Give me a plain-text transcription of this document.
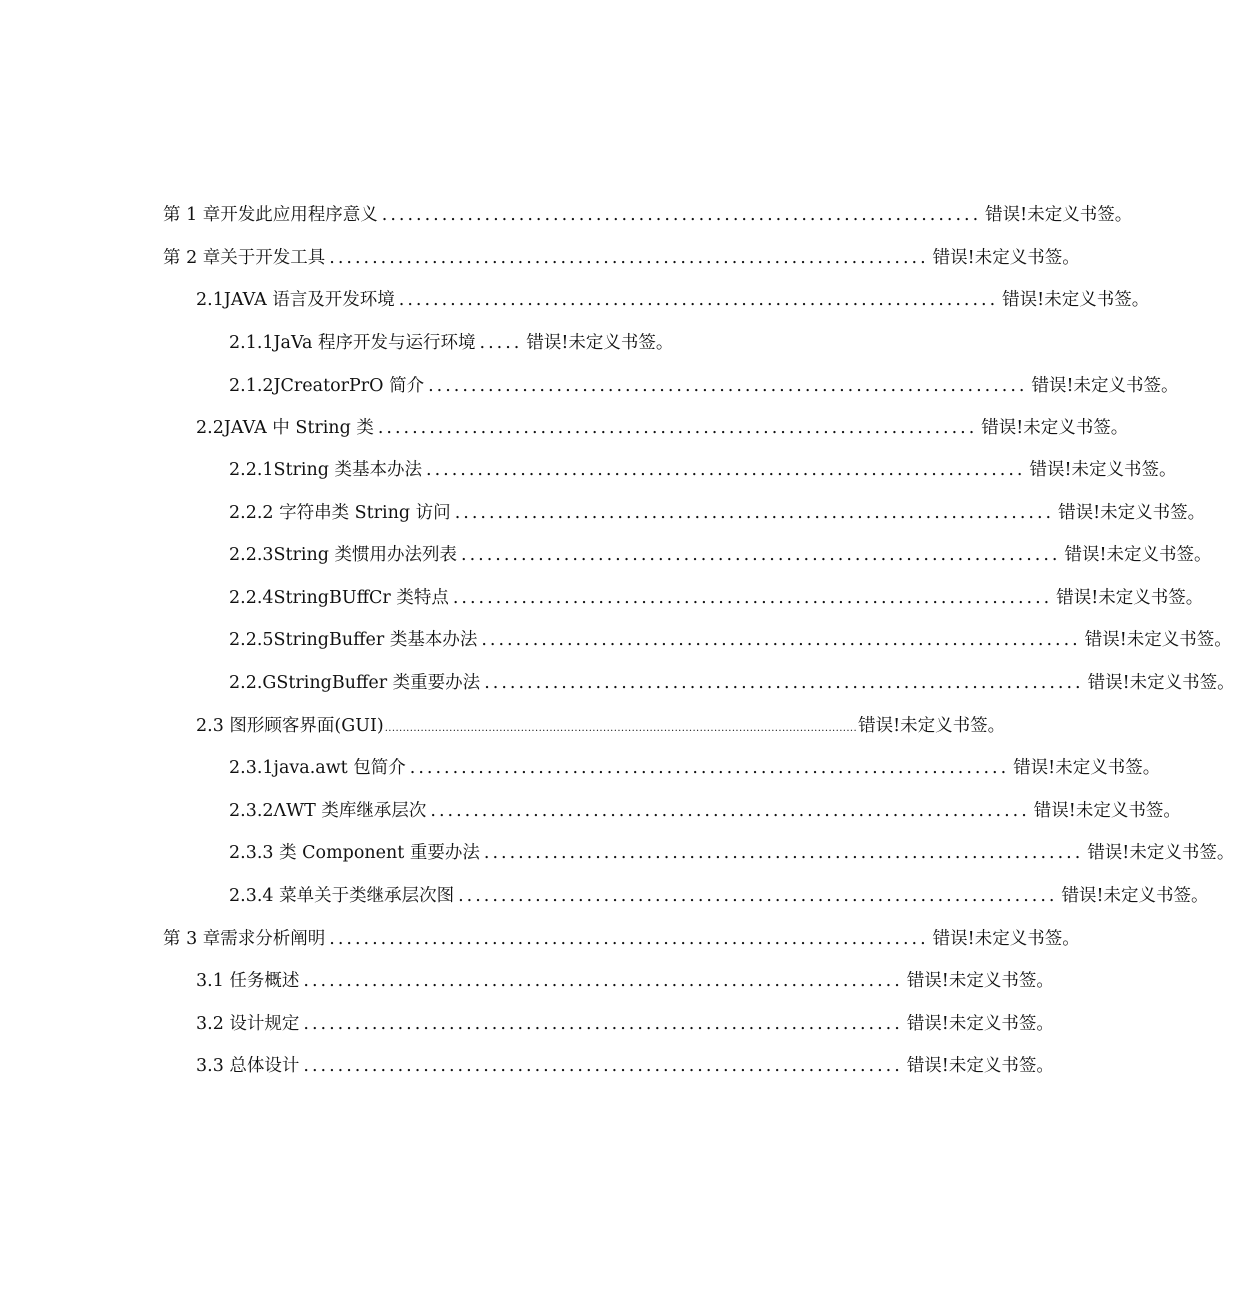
第 1 章开发此应用程序意义 ...................................................................... 错误!未定义书签。
第 2 章关于开发工具 ...................................................................... 错误!未定义书签。
2.1JAVA 语言及开发环境 ...................................................................... 错误!未定义书签。
2.1.1JaVa 程序开发与运行环境 ..... 错误!未定义书签。
2.1.2JCreatorPrO 简介 ...................................................................... 错误!未定义书签。
2.2JAVA 中 String 类 ...................................................................... 错误!未定义书签。
2.2.1String 类基本办法 ...................................................................... 错误!未定义书签。
2.2.2 字符串类 String 访问 ...................................................................... 错误!未定义书签。
2.2.3String 类惯用办法列表 ...................................................................... 错误!未定义书签。
2.2.4StringBUffCr 类特点 ...................................................................... 错误!未定义书签。
2.2.5StringBuffer 类基本办法 ...................................................................... 错误!未定义书签。
2.2.GStringBuffer 类重要办法 ...................................................................... 错误!未定义书签。
2.3 图形顾客界面(GUI) .................................................................................................................................... 错误!未定义书签。
2.3.1java.awt 包简介 ...................................................................... 错误!未定义书签。
2.3.2ΛWT 类库继承层次 ...................................................................... 错误!未定义书签。
2.3.3 类 Component 重要办法 ...................................................................... 错误!未定义书签。
2.3.4 菜单关于类继承层次图 ...................................................................... 错误!未定义书签。
第 3 章需求分析阐明 ...................................................................... 错误!未定义书签。
3.1 任务概述 ...................................................................... 错误!未定义书签。
3.2 设计规定 ...................................................................... 错误!未定义书签。
3.3 总体设计 ...................................................................... 错误!未定义书签。
